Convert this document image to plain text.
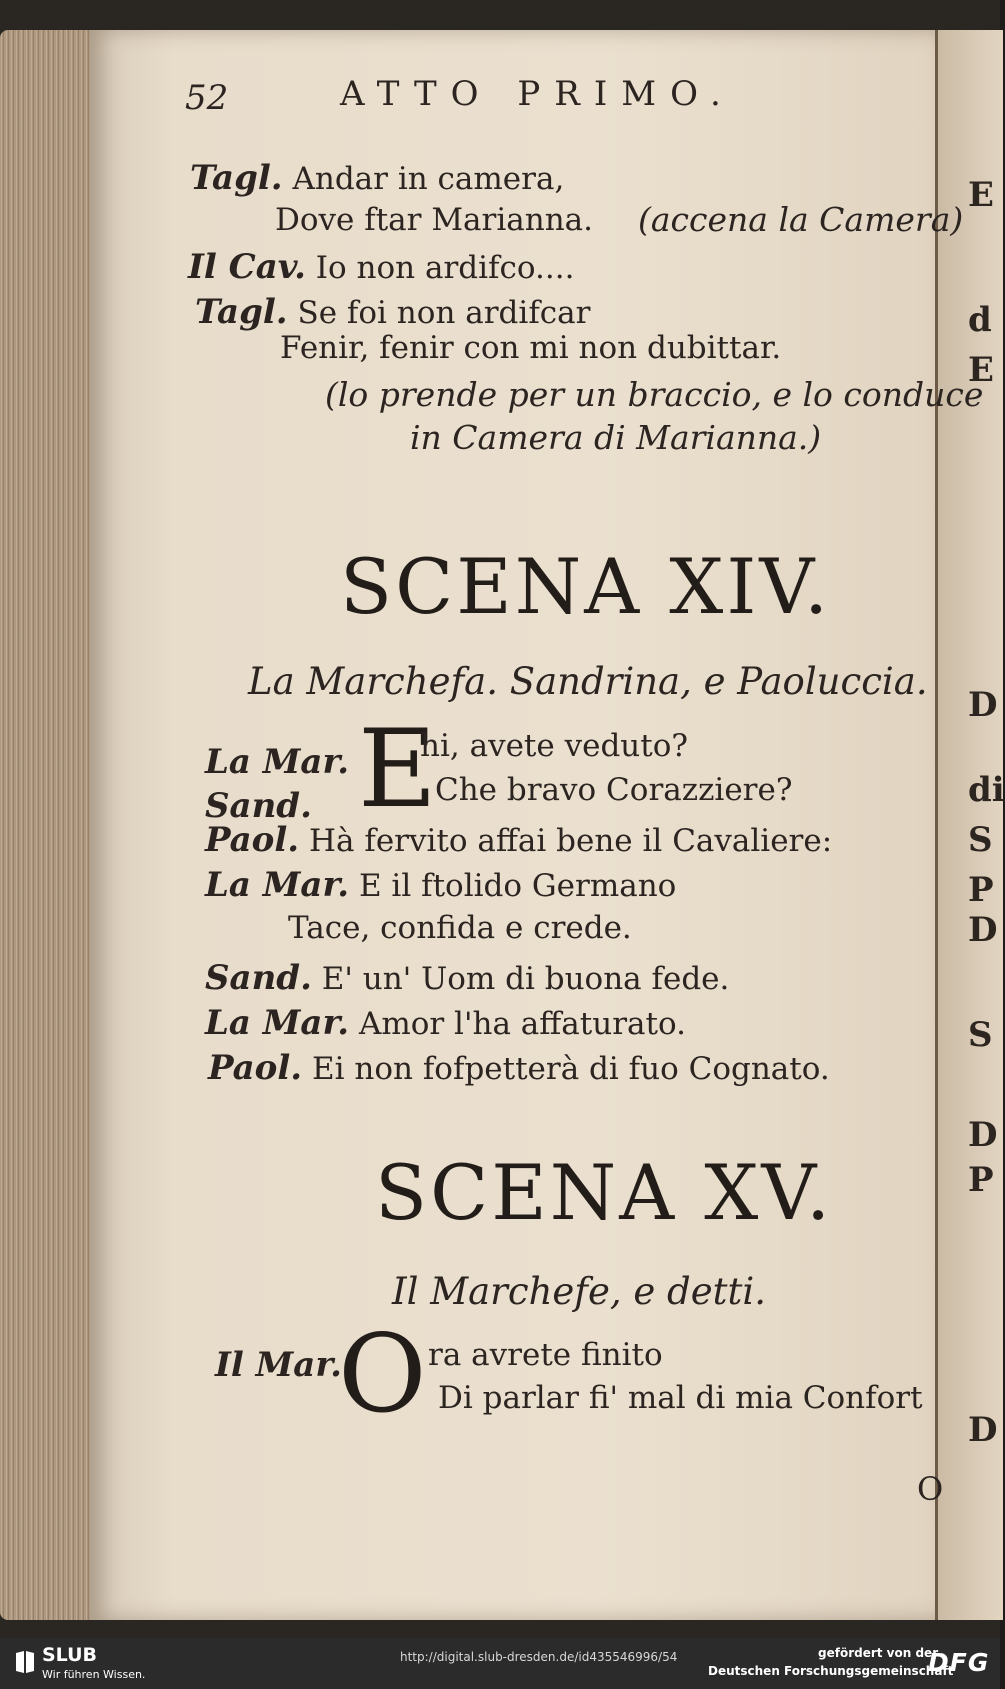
E
d
E
D
di
S
P
D
S
D
P
D
52	ATTO PRIMO.
Tagl. Andar in camera,
Dove ftar Marianna. (accena la Camera)
Il Cav. Io non ardifco....
Tagl. Se foi non ardifcar
Fenir, fenir con mi non dubittar.
(lo prende per un braccio, e lo conduce
in Camera di Marianna.)
SCENA XIV.
La Marchefa. Sandrina, e Paoluccia.
La Mar. E
hi, avete veduto?
Sand.	Che bravo Corazziere?
Paol. Hà fervito affai bene il Cavaliere:
La Mar. E il ftolido Germano
Tace, confida e crede.
Sand. E' un' Uom di buona fede.
La Mar. Amor l'ha affaturato.
Paol. Ei non fofpetterà di fuo Cognato.
SCENA XV.
Il Marchefe, e detti.
Il Mar.
O ra avrete finito
Di parlar fi' mal di mia Confort
O
SLUB
Wir führen Wissen.
http://digital.slub-dresden.de/id435546996/54	gefördert von der
Deutschen Forschungsgemeinschaft
DFG
